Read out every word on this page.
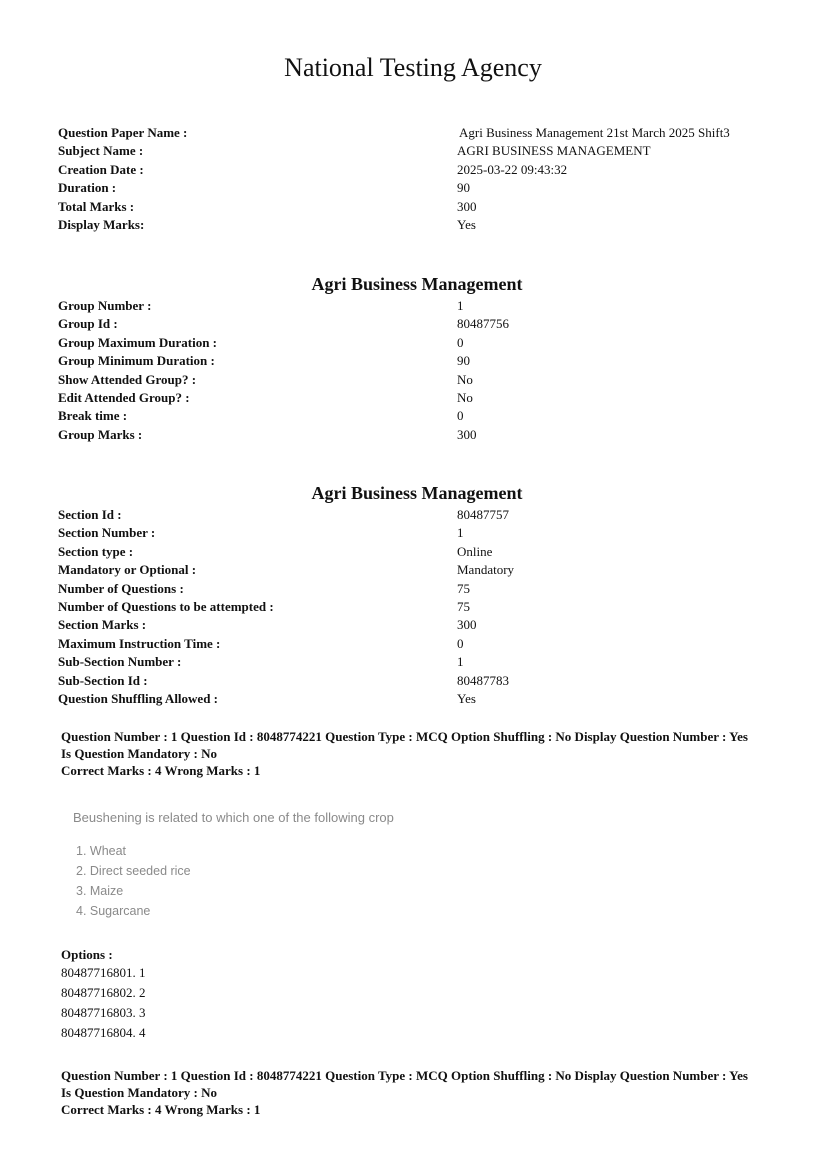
National Testing Agency
Question Paper Name :	Agri Business Management 21st March 2025 Shift3
Subject Name :	AGRI BUSINESS MANAGEMENT
Creation Date :	2025-03-22 09:43:32
Duration :	90
Total Marks :	300
Display Marks:	Yes
Agri Business Management
Group Number :	1
Group Id :	80487756
Group Maximum Duration :	0
Group Minimum Duration :	90
Show Attended Group? :	No
Edit Attended Group? :	No
Break time :	0
Group Marks :	300
Agri Business Management
Section Id :	80487757
Section Number :	1
Section type :	Online
Mandatory or Optional :	Mandatory
Number of Questions :	75
Number of Questions to be attempted :	75
Section Marks :	300
Maximum Instruction Time :	0
Sub-Section Number :	1
Sub-Section Id :	80487783
Question Shuffling Allowed :	Yes
Question Number : 1 Question Id : 8048774221 Question Type : MCQ Option Shuffling : No Display Question Number : Yes
Is Question Mandatory : No
Correct Marks : 4 Wrong Marks : 1
Beushening is related to which one of the following crop
1. Wheat
2. Direct seeded rice
3. Maize
4. Sugarcane
Options :
80487716801. 1
80487716802. 2
80487716803. 3
80487716804. 4
Question Number : 1 Question Id : 8048774221 Question Type : MCQ Option Shuffling : No Display Question Number : Yes
Is Question Mandatory : No
Correct Marks : 4 Wrong Marks : 1
